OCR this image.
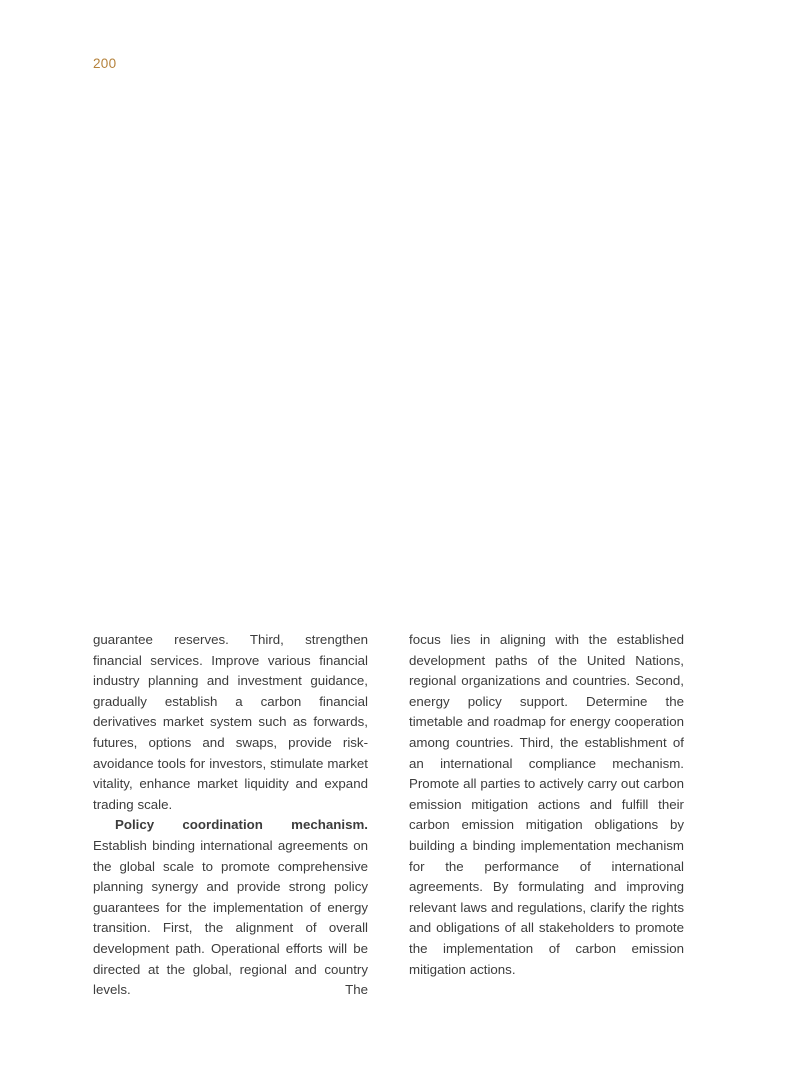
200

guarantee reserves. Third, strengthen financial services. Improve various financial industry planning and investment guidance, gradually establish a carbon financial derivatives market system such as forwards, futures, options and swaps, provide risk-avoidance tools for investors, stimulate market vitality, enhance market liquidity and expand trading scale.

Policy coordination mechanism. Establish binding international agreements on the global scale to promote comprehensive planning synergy and provide strong policy guarantees for the implementation of energy transition. First, the alignment of overall development path. Operational efforts will be directed at the global, regional and country levels. The

focus lies in aligning with the established development paths of the United Nations, regional organizations and countries. Second, energy policy support. Determine the timetable and roadmap for energy cooperation among countries. Third, the establishment of an international compliance mechanism. Promote all parties to actively carry out carbon emission mitigation actions and fulfill their carbon emission mitigation obligations by building a binding implementation mechanism for the performance of international agreements. By formulating and improving relevant laws and regulations, clarify the rights and obligations of all stakeholders to promote the implementation of carbon emission mitigation actions.
